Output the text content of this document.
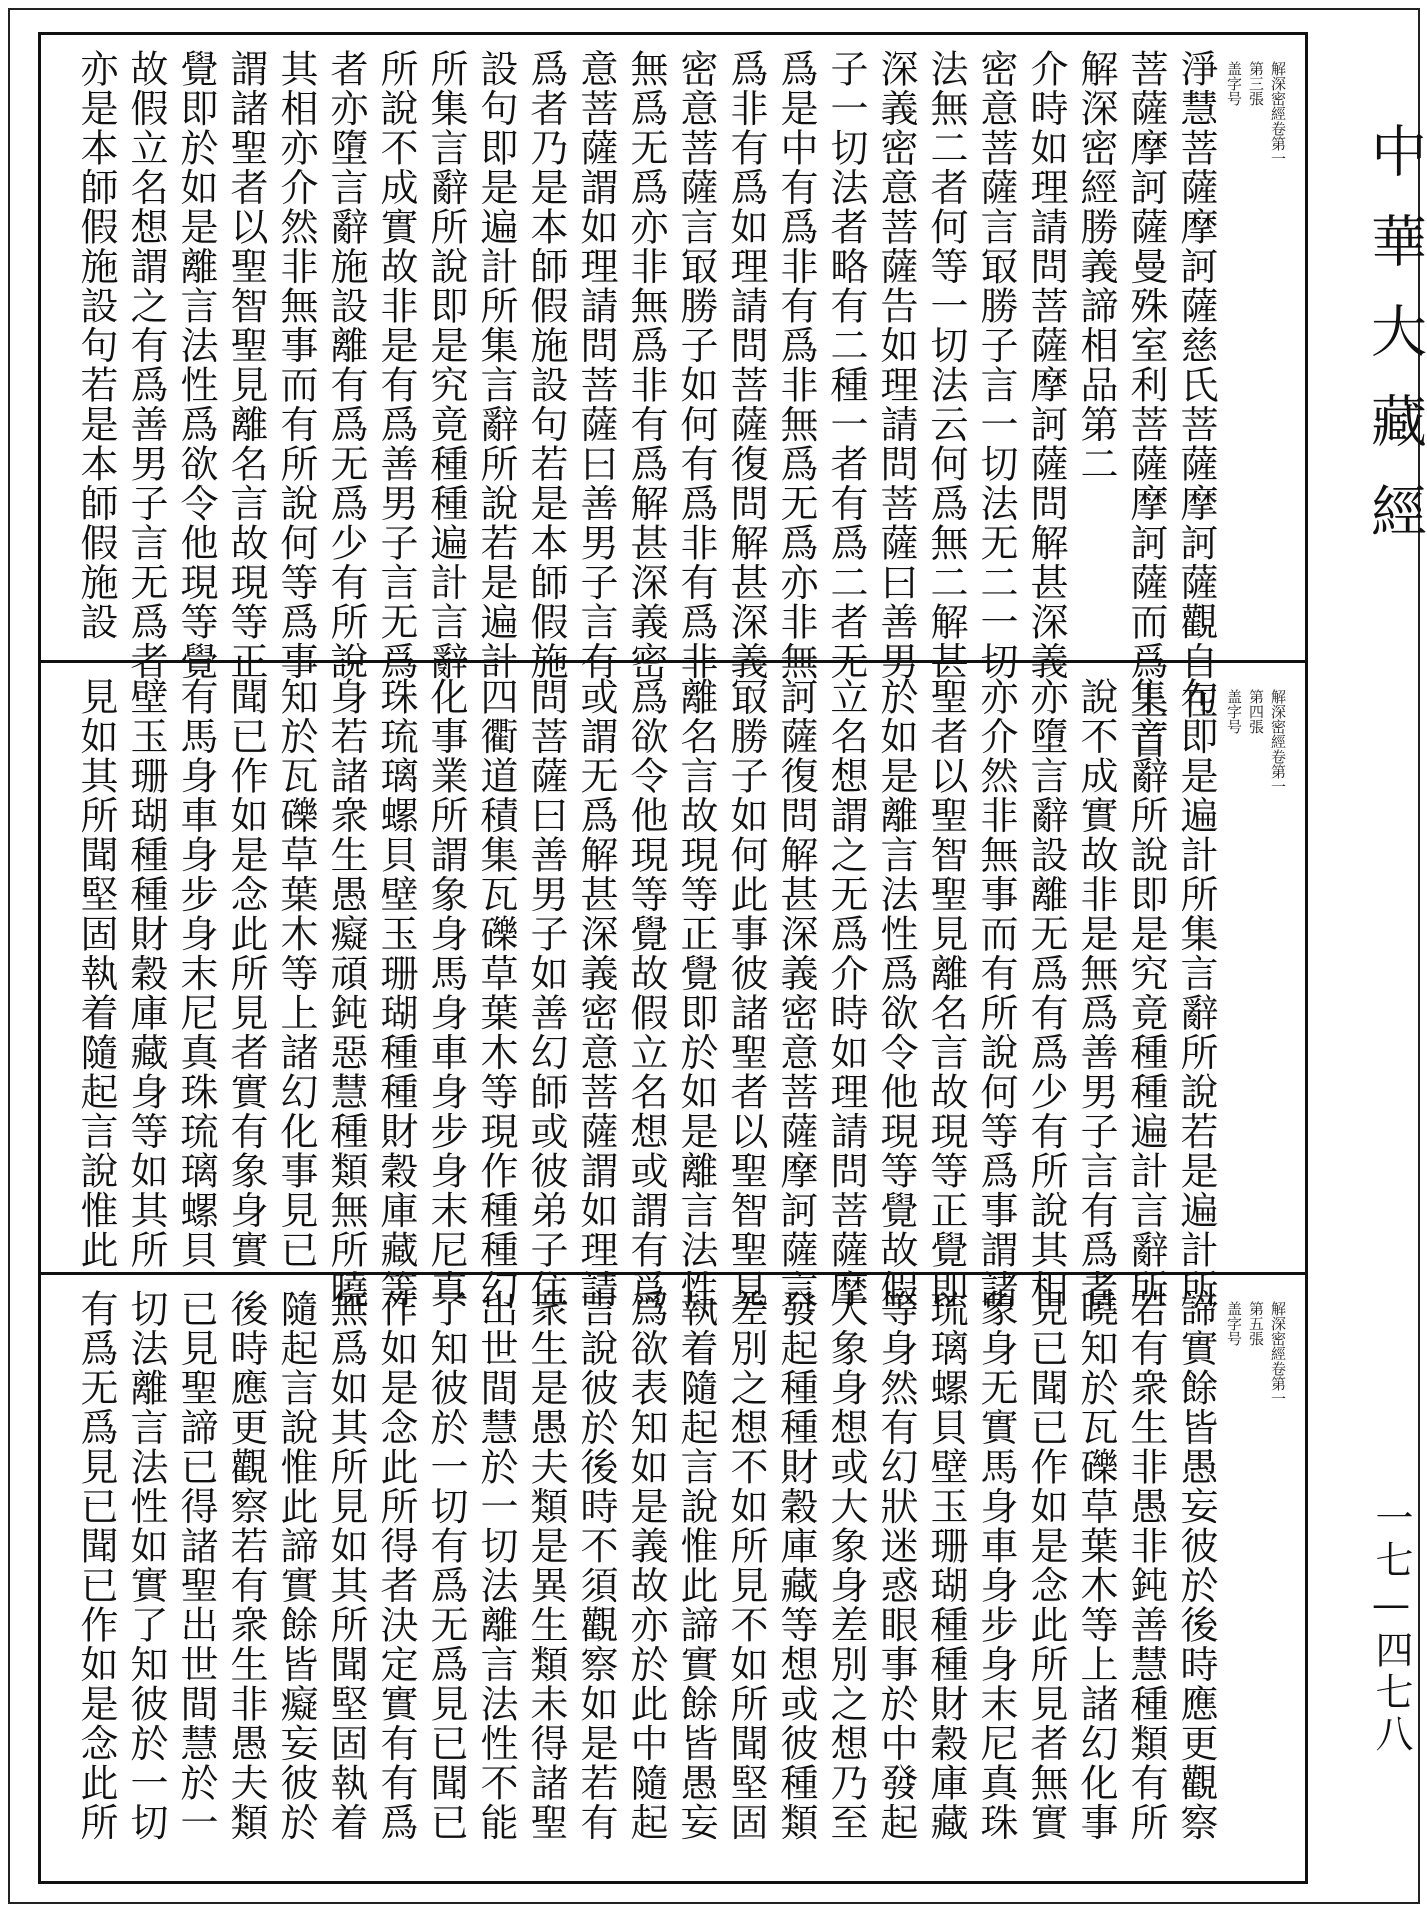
淨慧菩薩摩訶薩慈氏菩薩摩訶薩觀自在
菩薩摩訶薩曼殊室利菩薩摩訶薩而爲上首
解深密經勝義諦相品第二
介時如理請問菩薩摩訶薩問解甚深義
密意菩薩言冣勝子言一切法无二一切
法無二者何等一切法云何爲無二解甚
深義密意菩薩告如理請問菩薩曰善男
子一切法者略有二種一者有爲二者无
爲是中有爲非有爲非無爲无爲亦非無
爲非有爲如理請問菩薩復問解甚深義
密意菩薩言冣勝子如何有爲非有爲非
無爲无爲亦非無爲非有爲解甚深義密
意菩薩謂如理請問菩薩曰善男子言有
爲者乃是本師假施設句若是本師假施
設句即是遍計所集言辭所說若是遍計
所集言辭所說即是究竟種種遍計言辭
所說不成實故非是有爲善男子言无爲
者亦墮言辭施設離有爲无爲少有所說
其相亦介然非無事而有所說何等爲事
謂諸聖者以聖智聖見離名言故現等正
覺即於如是離言法性爲欲令他現等覺
故假立名想謂之有爲善男子言无爲者
亦是本師假施設句若是本師假施設	解深密經卷第一
第三張
盖字号
句即是遍計所集言辭所說若是遍計所
集言辭所說即是究竟種種遍計言辭所
說不成實故非是無爲善男子言有爲者
亦墮言辭設離无爲有爲少有所說其相
亦介然非無事而有所說何等爲事謂諸
聖者以聖智聖見離名言故現等正覺即
於如是離言法性爲欲令他現等覺故假
立名想謂之无爲介時如理請問菩薩摩
訶薩復問解甚深義密意菩薩摩訶薩言
冣勝子如何此事彼諸聖者以聖智聖見
離名言故現等正覺即於如是離言法性
爲欲令他現等覺故假立名想或謂有爲
或謂无爲解甚深義密意菩薩謂如理請
問菩薩曰善男子如善幻師或彼弟子住
四衢道積集瓦礫草葉木等現作種種幻
化事業所謂象身馬身車身步身末尼真
珠琉璃螺貝壁玉珊瑚種種財穀庫藏等
身若諸衆生愚癡頑鈍惡慧種類無所曉
知於瓦礫草葉木等上諸幻化事見已
聞已作如是念此所見者實有象身實
有馬身車身步身末尼真珠琉璃螺貝
壁玉珊瑚種種財穀庫藏身等如其所
見如其所聞堅固執着隨起言說惟此	解深密經卷第一
第四張
盖字号
諦實餘皆愚妄彼於後時應更觀察
若有衆生非愚非鈍善慧種類有所
曉知於瓦礫草葉木等上諸幻化事
見已聞已作如是念此所見者無實
象身无實馬身車身步身末尼真珠
琉璃螺貝壁玉珊瑚種種財穀庫藏
等身然有幻狀迷惑眼事於中發起
大象身想或大象身差別之想乃至
發起種種財穀庫藏等想或彼種類
差別之想不如所見不如所聞堅固
執着隨起言說惟此諦實餘皆愚妄
爲欲表知如是義故亦於此中隨起
言說彼於後時不須觀察如是若有
衆生是愚夫類是異生類未得諸聖
出世間慧於一切法離言法性不能
了知彼於一切有爲无爲見已聞已
作如是念此所得者決定實有有爲
無爲如其所見如其所聞堅固執着
隨起言說惟此諦實餘皆癡妄彼於
後時應更觀察若有衆生非愚夫類
已見聖諦已得諸聖出世間慧於一
切法離言法性如實了知彼於一切
有爲无爲見已聞已作如是念此所	解深密經卷第一
第五張
盖字号
中華大藏經
一七—四七八
